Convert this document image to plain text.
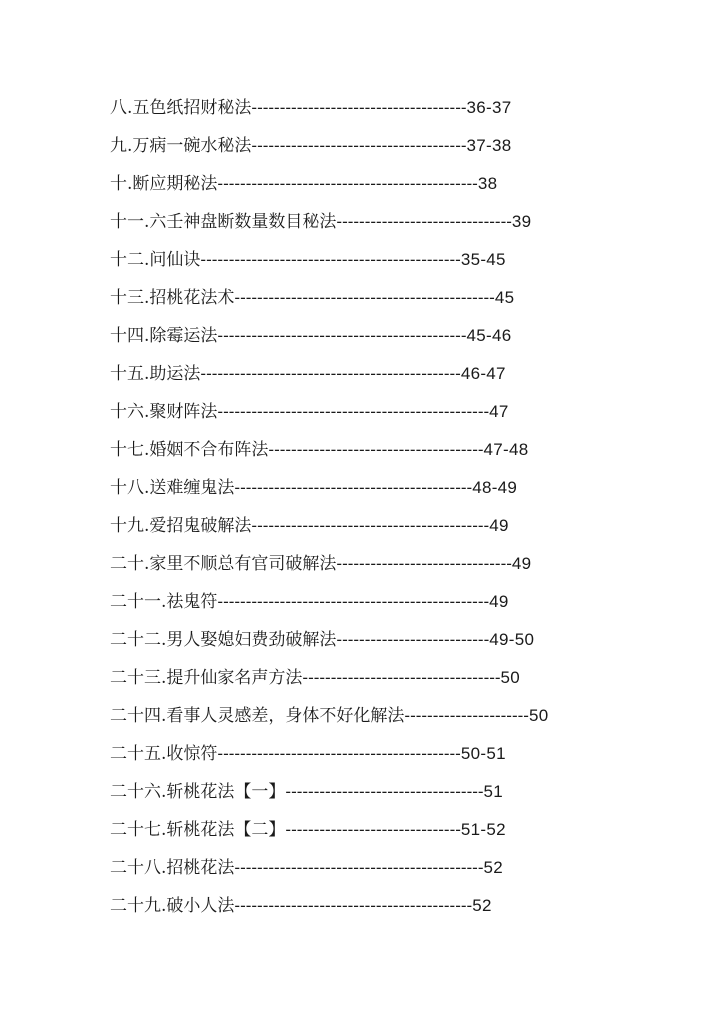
八.五色纸招财秘法--------------------------------------36-37
九.万病一碗水秘法--------------------------------------37-38
十.断应期秘法----------------------------------------------38
十一.六壬神盘断数量数目秘法-------------------------------39
十二.问仙诀----------------------------------------------35-45
十三.招桃花法术----------------------------------------------45
十四.除霉运法--------------------------------------------45-46
十五.助运法----------------------------------------------46-47
十六.聚财阵法------------------------------------------------47
十七.婚姻不合布阵法--------------------------------------47-48
十八.送难缠鬼法------------------------------------------48-49
十九.爱招鬼破解法------------------------------------------49
二十.家里不顺总有官司破解法-------------------------------49
二十一.祛鬼符------------------------------------------------49
二十二.男人娶媳妇费劲破解法---------------------------49-50
二十三.提升仙家名声方法-----------------------------------50
二十四.看事人灵感差，身体不好化解法----------------------50
二十五.收惊符-------------------------------------------50-51
二十六.斩桃花法【一】-----------------------------------51
二十七.斩桃花法【二】-------------------------------51-52
二十八.招桃花法--------------------------------------------52
二十九.破小人法------------------------------------------52
